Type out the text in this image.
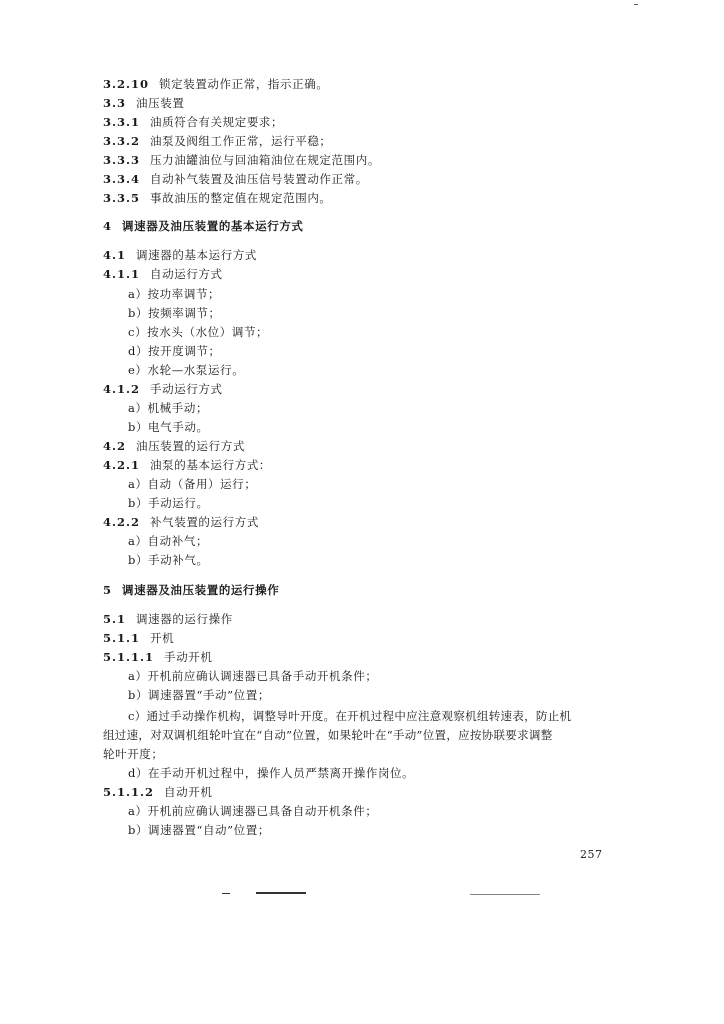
3.2.10 锁定装置动作正常，指示正确。
3.3 油压装置
3.3.1 油质符合有关规定要求；
3.3.2 油泵及阀组工作正常，运行平稳；
3.3.3 压力油罐油位与回油箱油位在规定范围内。
3.3.4 自动补气装置及油压信号装置动作正常。
3.3.5 事故油压的整定值在规定范围内。
4 调速器及油压装置的基本运行方式
4.1 调速器的基本运行方式
4.1.1 自动运行方式
a）按功率调节；
b）按频率调节；
c）按水头（水位）调节；
d）按开度调节；
e）水轮—水泵运行。
4.1.2 手动运行方式
a）机械手动；
b）电气手动。
4.2 油压装置的运行方式
4.2.1 油泵的基本运行方式：
a）自动（备用）运行；
b）手动运行。
4.2.2 补气装置的运行方式
a）自动补气；
b）手动补气。
5 调速器及油压装置的运行操作
5.1 调速器的运行操作
5.1.1 开机
5.1.1.1 手动开机
a）开机前应确认调速器已具备手动开机条件；
b）调速器置“手动”位置；
c）通过手动操作机构，调整导叶开度。在开机过程中应注意观察机组转速表，防止机
组过速，对双调机组轮叶宜在“自动”位置，如果轮叶在“手动”位置，应按协联要求调整
轮叶开度；
d）在手动开机过程中，操作人员严禁离开操作岗位。
5.1.1.2 自动开机
a）开机前应确认调速器已具备自动开机条件；
b）调速器置“自动”位置；
257
